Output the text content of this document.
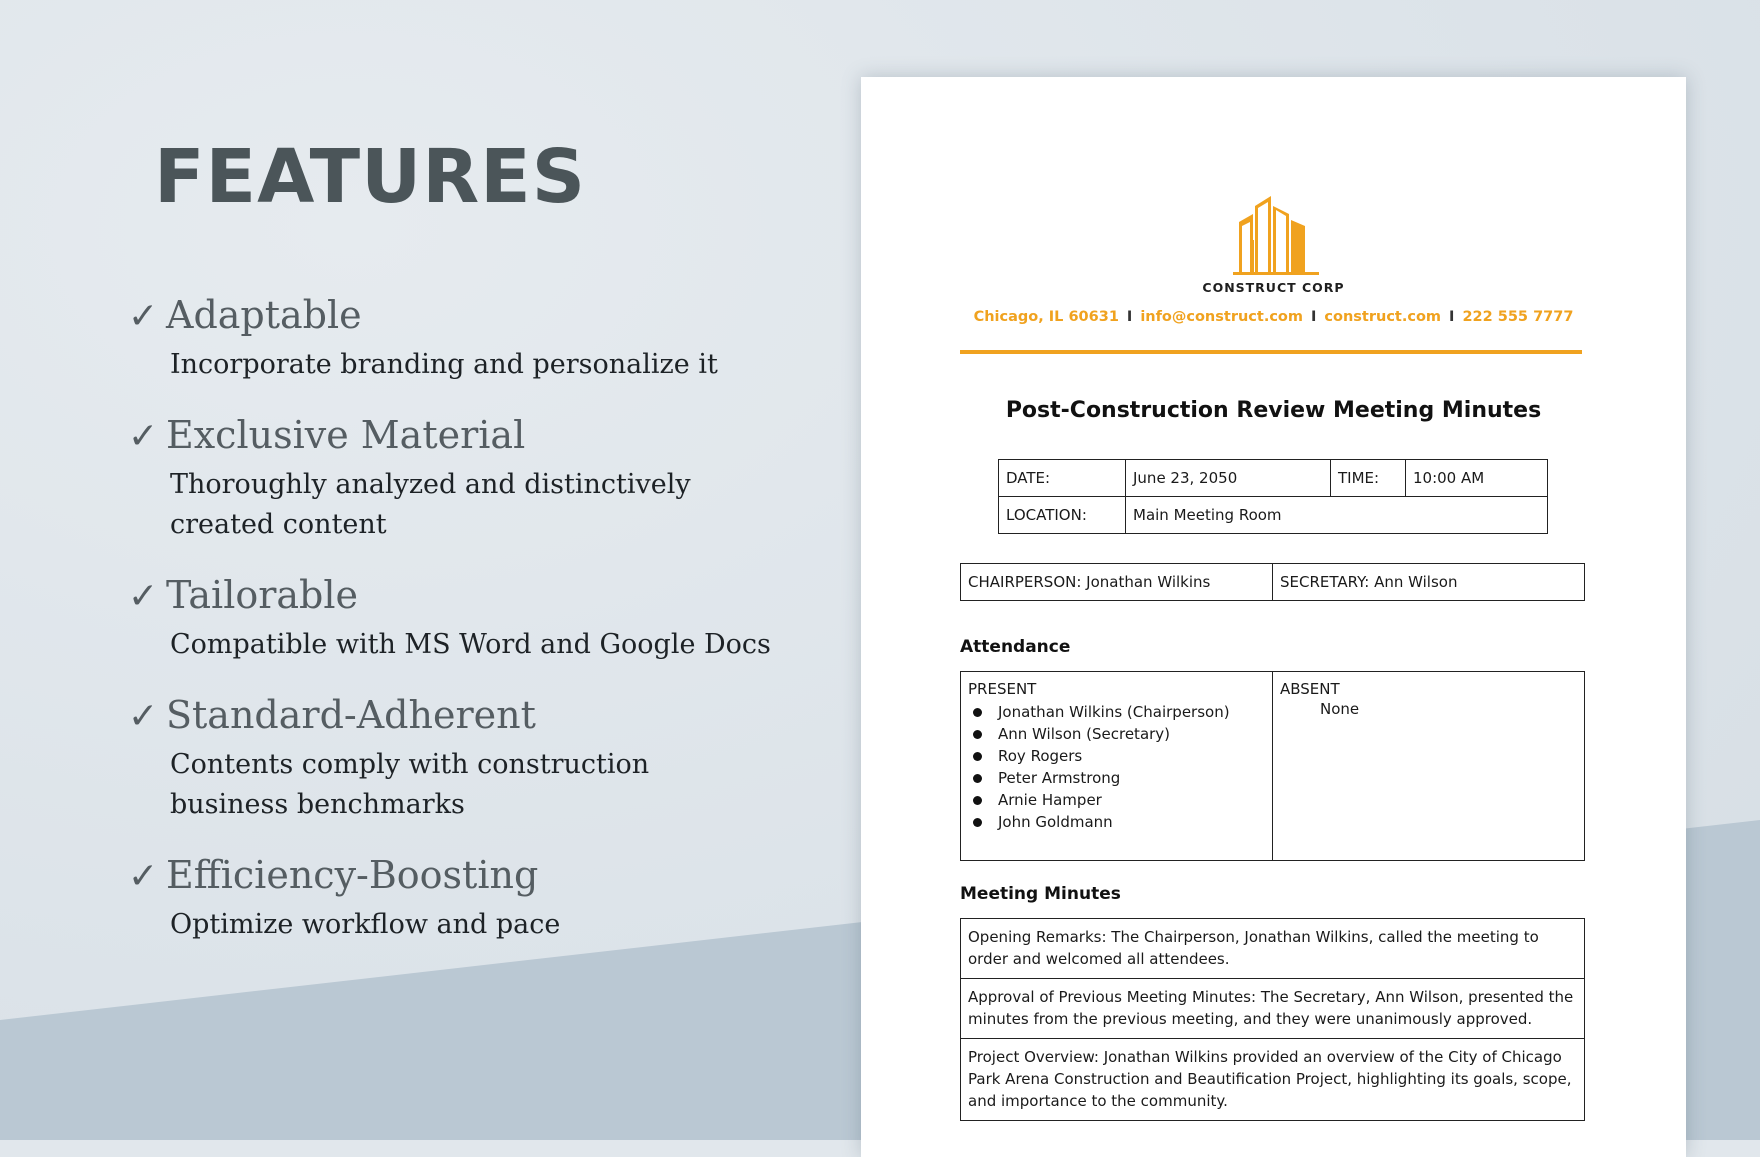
FEATURES
✓ Adaptable
Incorporate branding and personalize it
✓ Exclusive Material
Thoroughly analyzed and distinctively created content
✓ Tailorable
Compatible with MS Word and Google Docs
✓ Standard-Adherent
Contents comply with construction business benchmarks
✓ Efficiency-Boosting
Optimize workflow and pace
CONSTRUCT CORP
Chicago, IL 60631 I info@construct.com I construct.com I 222 555 7777
Post-Construction Review Meeting Minutes
DATE:	June 23, 2050	TIME:	10:00 AM
LOCATION:	Main Meeting Room		
CHAIRPERSON: Jonathan Wilkins	SECRETARY: Ann Wilson
Attendance
PRESENT
Jonathan Wilkins (Chairperson)
Ann Wilson (Secretary)
Roy Rogers
Peter Armstrong
Arnie Hamper
John Goldmann

ABSENT
None
Meeting Minutes
Opening Remarks: The Chairperson, Jonathan Wilkins, called the meeting to order and welcomed all attendees.
Approval of Previous Meeting Minutes: The Secretary, Ann Wilson, presented the minutes from the previous meeting, and they were unanimously approved.
Project Overview: Jonathan Wilkins provided an overview of the City of Chicago Park Arena Construction and Beautification Project, highlighting its goals, scope, and importance to the community.
